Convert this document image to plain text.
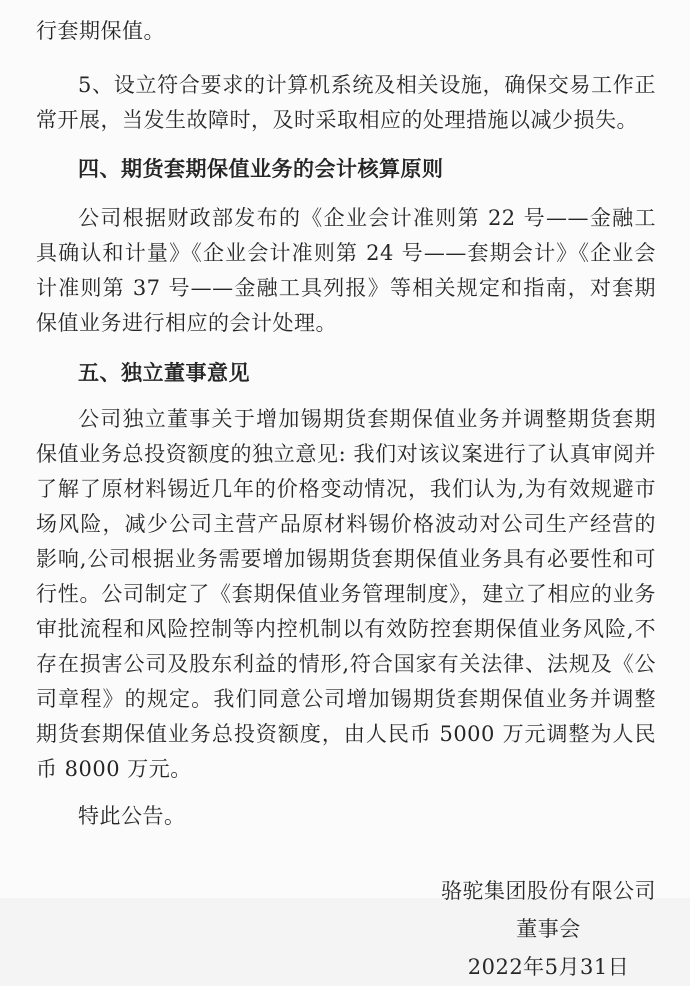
行套期保值。

5、设立符合要求的计算机系统及相关设施，确保交易工作正常开展，当发生故障时，及时采取相应的处理措施以减少损失。

四、期货套期保值业务的会计核算原则

公司根据财政部发布的《企业会计准则第 22 号——金融工具确认和计量》《企业会计准则第 24 号——套期会计》《企业会计准则第 37 号——金融工具列报》等相关规定和指南，对套期保值业务进行相应的会计处理。

五、独立董事意见

公司独立董事关于增加锡期货套期保值业务并调整期货套期保值业务总投资额度的独立意见: 我们对该议案进行了认真审阅并了解了原材料锡近几年的价格变动情况，我们认为,为有效规避市场风险，减少公司主营产品原材料锡价格波动对公司生产经营的影响,公司根据业务需要增加锡期货套期保值业务具有必要性和可行性。公司制定了《套期保值业务管理制度》，建立了相应的业务审批流程和风险控制等内控机制以有效防控套期保值业务风险,不存在损害公司及股东利益的情形,符合国家有关法律、法规及《公司章程》的规定。我们同意公司增加锡期货套期保值业务并调整期货套期保值业务总投资额度，由人民币 5000 万元调整为人民币 8000 万元。

特此公告。

骆驼集团股份有限公司

董事会

2022年5月31日
